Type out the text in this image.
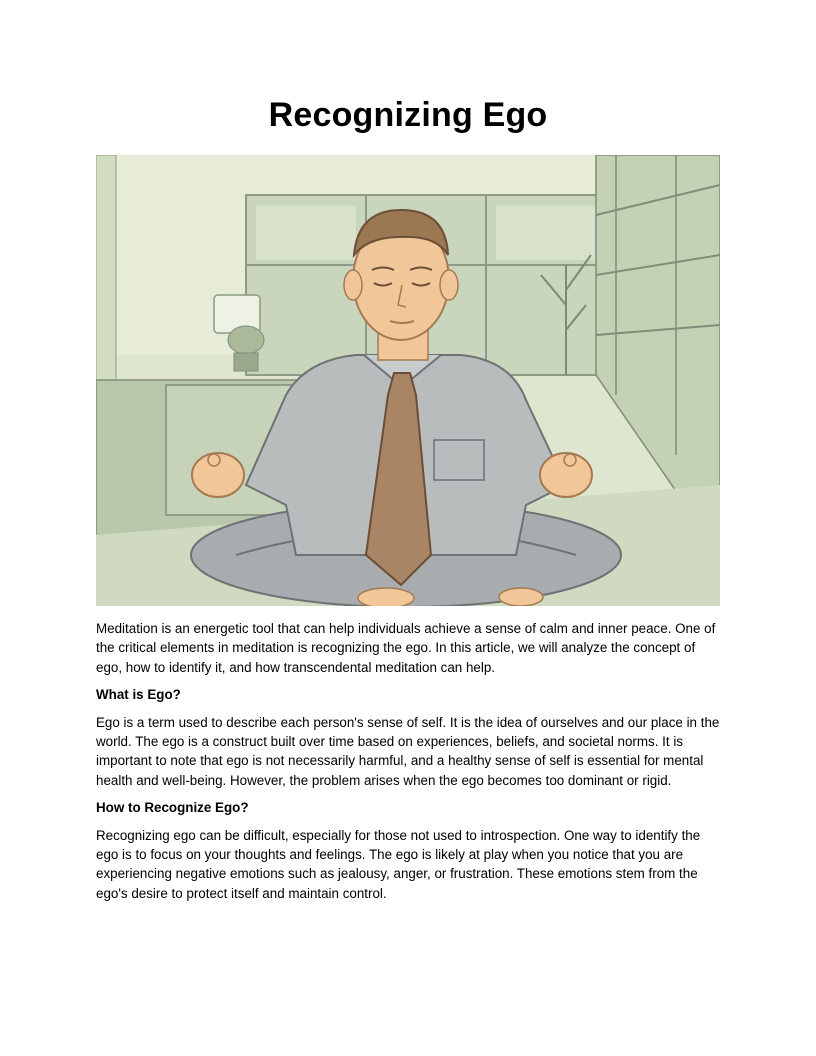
Recognizing Ego

Meditation is an energetic tool that can help individuals achieve a sense of calm and inner peace. One of the critical elements in meditation is recognizing the ego. In this article, we will analyze the concept of ego, how to identify it, and how transcendental meditation can help.

What is Ego?

Ego is a term used to describe each person's sense of self. It is the idea of ourselves and our place in the world. The ego is a construct built over time based on experiences, beliefs, and societal norms. It is important to note that ego is not necessarily harmful, and a healthy sense of self is essential for mental health and well-being. However, the problem arises when the ego becomes too dominant or rigid.

How to Recognize Ego?

Recognizing ego can be difficult, especially for those not used to introspection. One way to identify the ego is to focus on your thoughts and feelings. The ego is likely at play when you notice that you are experiencing negative emotions such as jealousy, anger, or frustration. These emotions stem from the ego's desire to protect itself and maintain control.
